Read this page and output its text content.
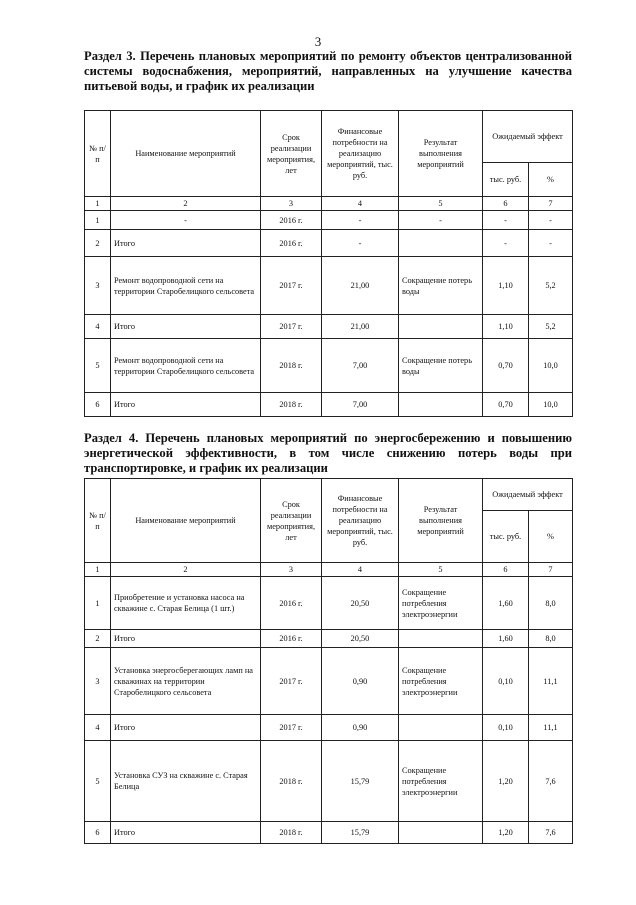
3
Раздел 3. Перечень плановых мероприятий по ремонту объектов централизованной системы водоснабжения, мероприятий, направленных на улучшение качества питьевой воды, и график их реализации
№ п/п	Наименование мероприятий	Срок реализации мероприятия, лет	Финансовые потребности на реализацию мероприятий, тыс. руб.	Результат выполнения мероприятий	Ожидаемый эффект	
					тыс. руб.	%
1	2	3	4	5	6	7
1	-	2016 г.	-	-	-	-
2	Итого	2016 г.	-		-	-
3	Ремонт водопроводной сети на территории Старобелицкого сельсовета	2017 г.	21,00	Сокращение потерь воды	1,10	5,2
4	Итого	2017 г.	21,00		1,10	5,2
5	Ремонт водопроводной сети на территории Старобелицкого сельсовета	2018 г.	7,00	Сокращение потерь воды	0,70	10,0
6	Итого	2018 г.	7,00		0,70	10,0
Раздел 4. Перечень плановых мероприятий по энергосбережению и повышению энергетической эффективности, в том числе снижению потерь воды при транспортировке, и график их реализации
№ п/п	Наименование мероприятий	Срок реализации мероприятия, лет	Финансовые потребности на реализацию мероприятий, тыс. руб.	Результат выполнения мероприятий	Ожидаемый эффект	
					тыс. руб.	%
1	2	3	4	5	6	7
1	Приобретение и установка насоса на скважине с. Старая Белица (1 шт.)	2016 г.	20,50	Сокращение потребления электроэнергии	1,60	8,0
2	Итого	2016 г.	20,50		1,60	8,0
3	Установка энергосберегающих ламп на скважинах на территории Старобелицкого сельсовета	2017 г.	0,90	Сокращение потребления электроэнергии	0,10	11,1
4	Итого	2017 г.	0,90		0,10	11,1
5	Установка СУЗ на скважине с. Старая Белица	2018 г.	15,79	Сокращение потребления электроэнергии	1,20	7,6
6	Итого	2018 г.	15,79		1,20	7,6
